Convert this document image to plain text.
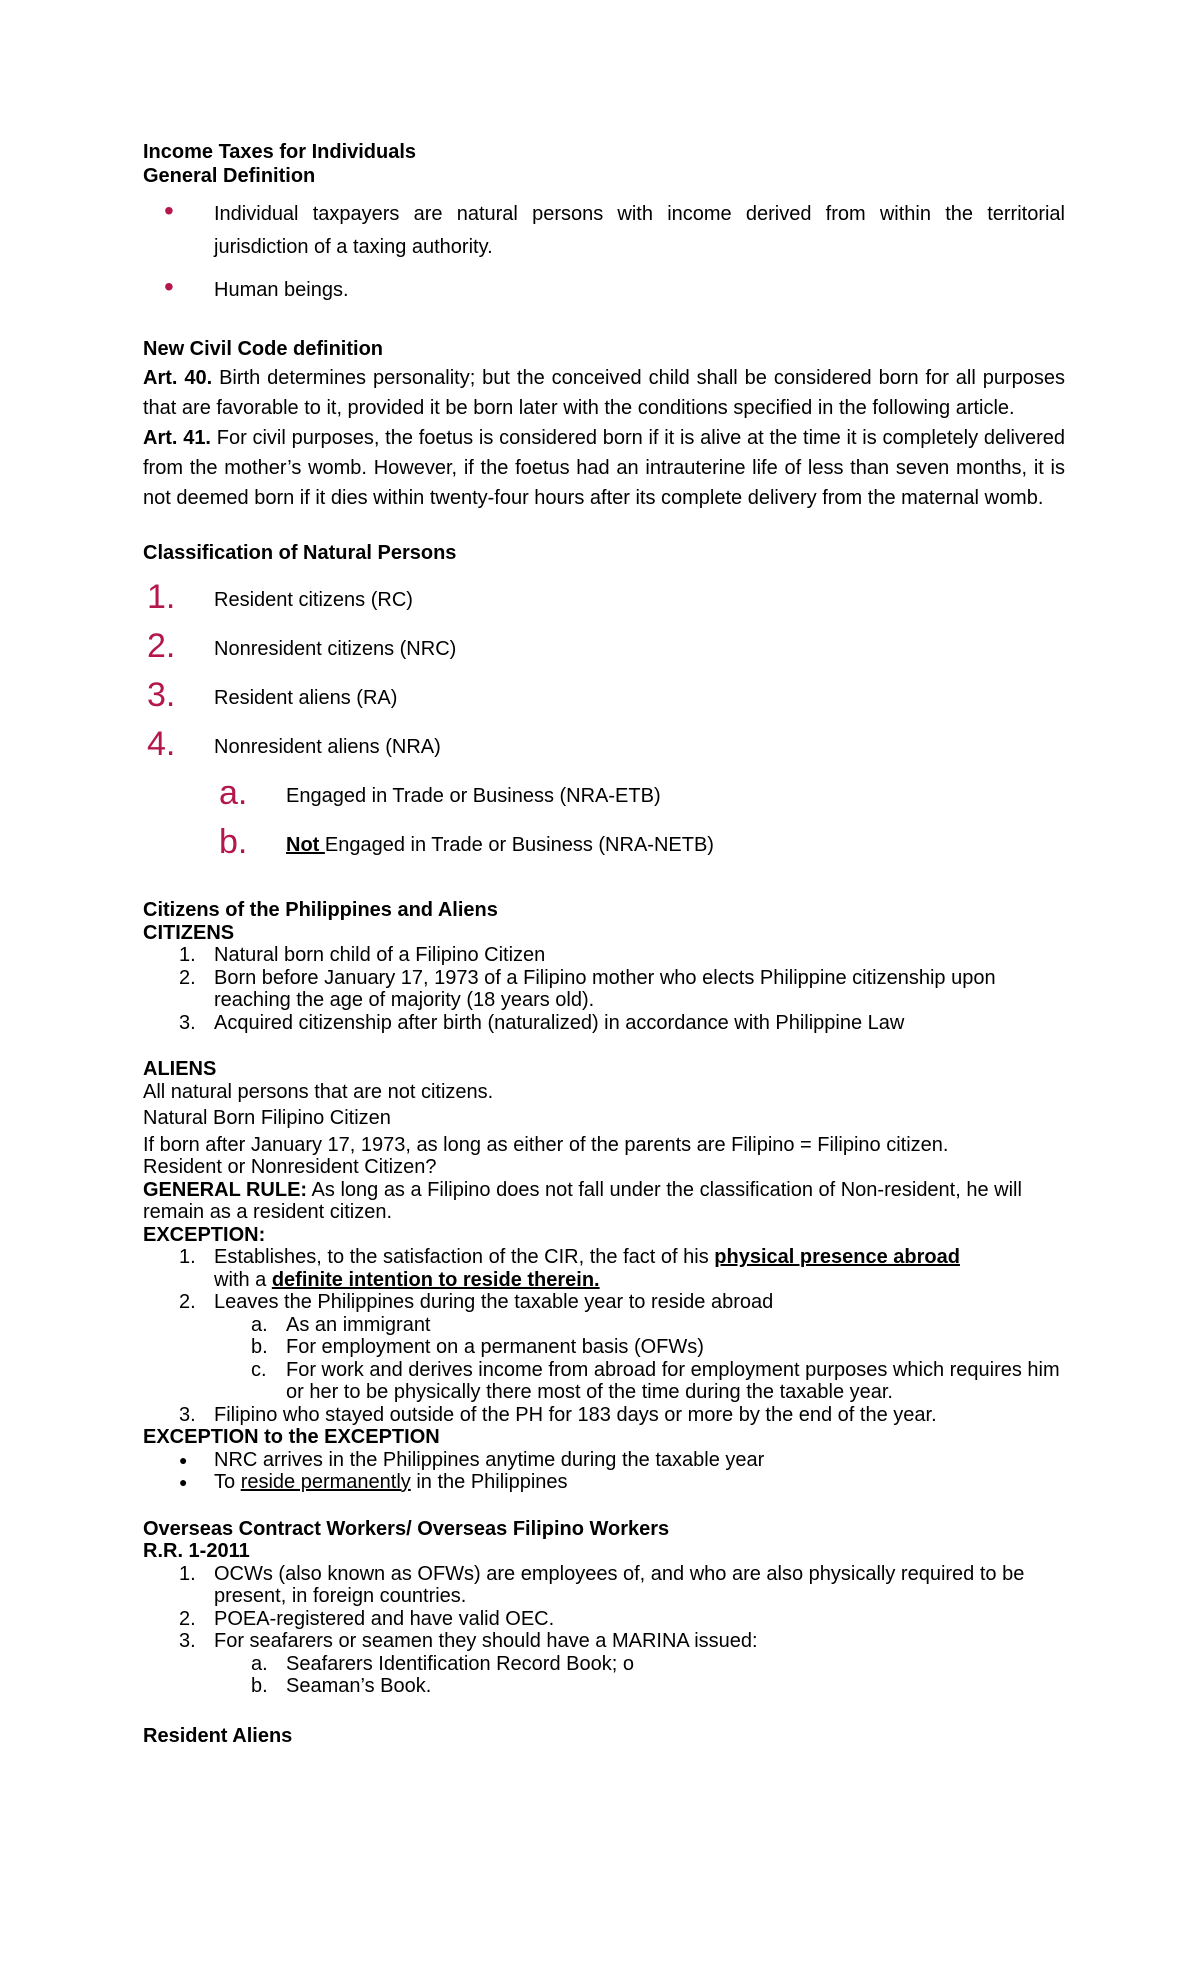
Income Taxes for Individuals

General Definition

• Individual taxpayers are natural persons with income derived from within the territorial jurisdiction of a taxing authority.
• Human beings.

New Civil Code definition

Art. 40. Birth determines personality; but the conceived child shall be considered born for all purposes that are favorable to it, provided it be born later with the conditions specified in the following article.

Art. 41. For civil purposes, the foetus is considered born if it is alive at the time it is completely delivered from the mother’s womb. However, if the foetus had an intrauterine life of less than seven months, it is not deemed born if it dies within twenty-four hours after its complete delivery from the maternal womb.

Classification of Natural Persons

1. Resident citizens (RC)
2. Nonresident citizens (NRC)
3. Resident aliens (RA)
4. Nonresident aliens (NRA)
a. Engaged in Trade or Business (NRA-ETB)
b. Not Engaged in Trade or Business (NRA-NETB)

Citizens of the Philippines and Aliens

CITIZENS

1. Natural born child of a Filipino Citizen
2. Born before January 17, 1973 of a Filipino mother who elects Philippine citizenship upon reaching the age of majority (18 years old).
3. Acquired citizenship after birth (naturalized) in accordance with Philippine Law

ALIENS

All natural persons that are not citizens.

Natural Born Filipino Citizen

If born after January 17, 1973, as long as either of the parents are Filipino = Filipino citizen.

Resident or Nonresident Citizen?

GENERAL RULE: As long as a Filipino does not fall under the classification of Non-resident, he will remain as a resident citizen.

EXCEPTION:

1. Establishes, to the satisfaction of the CIR, the fact of his physical presence abroad
with a definite intention to reside therein.
2. Leaves the Philippines during the taxable year to reside abroad
a. As an immigrant
b. For employment on a permanent basis (OFWs)
c. For work and derives income from abroad for employment purposes which requires him or her to be physically there most of the time during the taxable year.
3. Filipino who stayed outside of the PH for 183 days or more by the end of the year.

EXCEPTION to the EXCEPTION

● NRC arrives in the Philippines anytime during the taxable year
● To reside permanently in the Philippines

Overseas Contract Workers/ Overseas Filipino Workers

R.R. 1-2011

1. OCWs (also known as OFWs) are employees of, and who are also physically required to be present, in foreign countries.
2. POEA-registered and have valid OEC.
3. For seafarers or seamen they should have a MARINA issued:
a. Seafarers Identification Record Book; o
b. Seaman’s Book.

Resident Aliens
